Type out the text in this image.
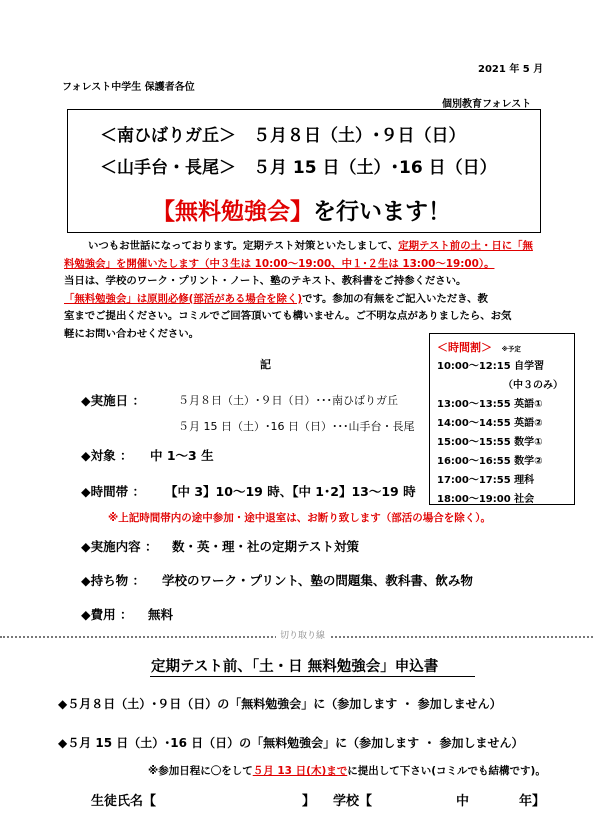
2021 年 5 月
フォレスト中学生 保護者各位
個別教育フォレスト
＜南ひばりガ丘＞　５月８日（土）･９日（日）
＜山手台・長尾＞　５月 15 日（土）･16 日（日）
【無料勉強会】を行います！

いつもお世話になっております。定期テスト対策といたしまして、定期テスト前の土・日に「無

料勉強会」を開催いたします（中３生は 10:00～19:00、中１･２生は 13:00～19:00）。

当日は、学校のワーク・プリント・ノート、塾のテキスト、教科書をご持参ください。

「無料勉強会」は原則必修(部活がある場合を除く)です。参加の有無をご記入いただき、教

室までご提出ください。コミルでご回答頂いても構いません。ご不明な点がありましたら、お気

軽にお問い合わせください。

記
＜時間割＞ ※予定
10:00～12:15 自学習
（中３のみ）
13:00～13:55 英語①
14:00～14:55 英語②
15:00～15:55 数学①
16:00～16:55 数学②
17:00～17:55 理科
18:00～19:00 社会
◆実施日 ：	５月８日（土）･９日（日）･･･南ひばりガ丘
５月 15 日（土）･16 日（日）･･･山手台・長尾
◆対象 ： 中 1～3 生
◆時間帯 ： 【中 3】10～19 時、【中 1･2】13～19 時
※上記時間帯内の途中参加・途中退室は、お断り致します（部活の場合を除く）。
◆実施内容 ： 数・英・理・社の定期テスト対策
◆持ち物 ： 学校のワーク・プリント、塾の問題集、教科書、飲み物
◆費用 ： 無料
切り取り線
定期テスト前、「土・日 無料勉強会」申込書
◆５月８日（土）･９日（日）の「無料勉強会」に（参加します ・ 参加しません）
◆５月 15 日（土）･16 日（日）の「無料勉強会」に（参加します ・ 参加しません）
※参加日程に〇をして５月 13 日(木)までに提出して下さい(コミルでも結構です)。
生徒氏名【	】 学校【	中	年】
